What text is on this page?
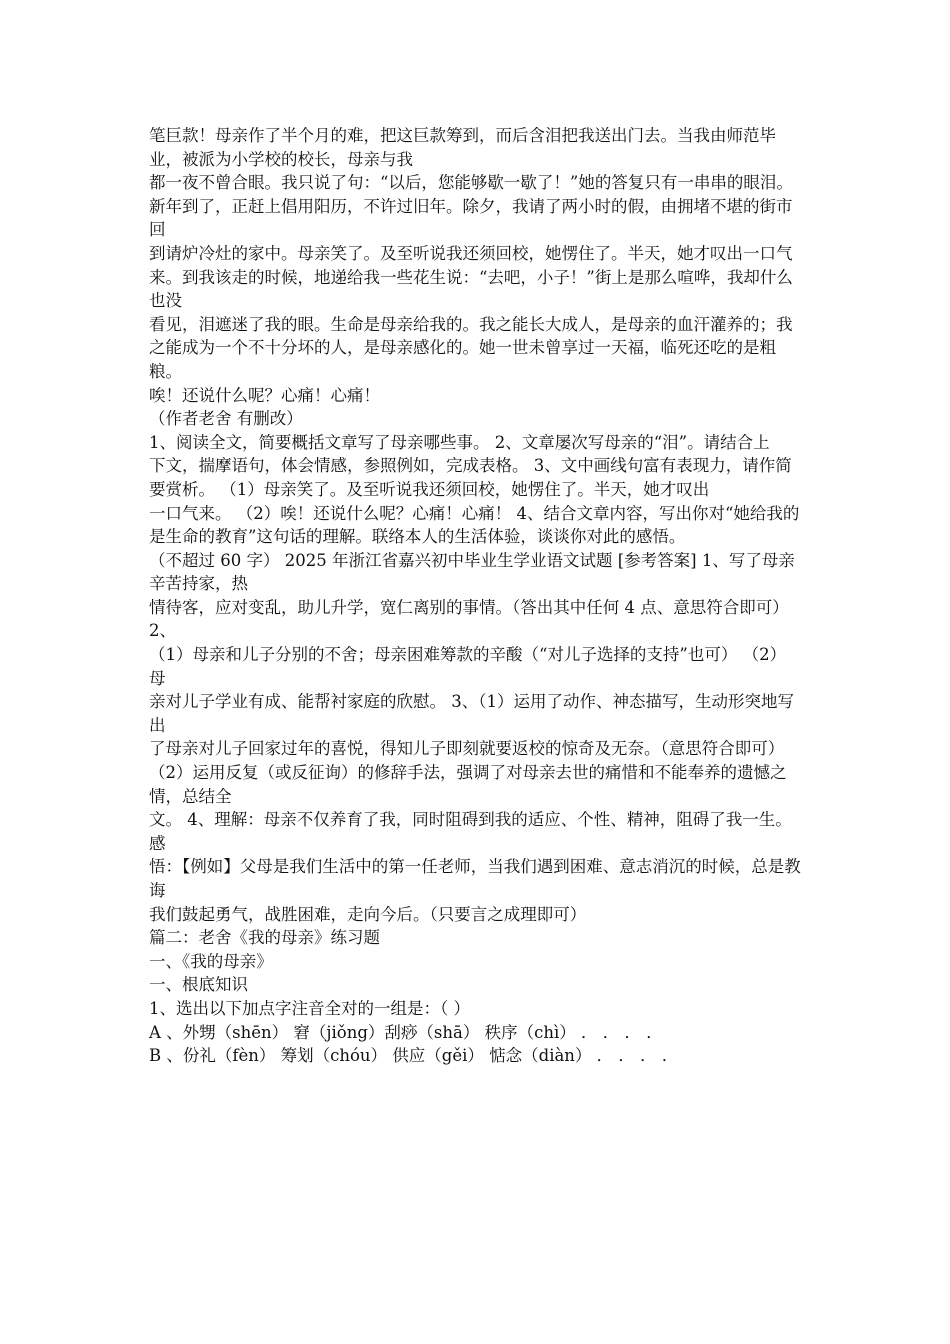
笔巨款！母亲作了半个月的难，把这巨款筹到，而后含泪把我送出门去。当我由师范毕业，被派为小学校的校长，母亲与我

都一夜不曾合眼。我只说了句：“以后，您能够歇一歇了！”她的答复只有一串串的眼泪。

新年到了，正赶上倡用阳历，不许过旧年。除夕，我请了两小时的假，由拥堵不堪的街市回

到请炉冷灶的家中。母亲笑了。及至听说我还须回校，她愣住了。半天，她才叹出一口气来。到我该走的时候，地递给我一些花生说：“去吧，小子！”街上是那么喧哗，我却什么也没

看见，泪遮迷了我的眼。生命是母亲给我的。我之能长大成人，是母亲的血汗灌养的；我之能成为一个不十分坏的人，是母亲感化的。她一世未曾享过一天福，临死还吃的是粗粮。

唉！还说什么呢？心痛！心痛！

（作者老舍 有删改）

1、阅读全文，简要概括文章写了母亲哪些事。 2、文章屡次写母亲的“泪”。请结合上

下文，揣摩语句，体会情感，参照例如，完成表格。 3、文中画线句富有表现力，请作简要赏析。 （1）母亲笑了。及至听说我还须回校，她愣住了。半天，她才叹出

一口气来。 （2）唉！还说什么呢？心痛！心痛！ 4、结合文章内容，写出你对“她给我的

是生命的教育”这句话的理解。联络本人的生活体验，谈谈你对此的感悟。

（不超过 60 字） 2025 年浙江省嘉兴初中毕业生学业语文试题 [参考答案] 1、写了母亲辛苦持家，热

情待客，应对变乱，助儿升学，宽仁离别的事情。（答出其中任何 4 点、意思符合即可） 2、

（1）母亲和儿子分别的不舍；母亲困难筹款的辛酸（“对儿子选择的支持”也可） （2）母

亲对儿子学业有成、能帮衬家庭的欣慰。 3、（1）运用了动作、神态描写，生动形突地写出

了母亲对儿子回家过年的喜悦，得知儿子即刻就要返校的惊奇及无奈。（意思符合即可） （2）运用反复（或反征询）的修辞手法，强调了对母亲去世的痛惜和不能奉养的遗憾之情，总结全

文。 4、理解：母亲不仅养育了我，同时阻碍到我的适应、个性、精神，阻碍了我一生。 感

悟：【例如】父母是我们生活中的第一任老师，当我们遇到困难、意志消沉的时候，总是教诲

我们鼓起勇气，战胜困难，走向今后。（只要言之成理即可）

篇二：老舍《我的母亲》练习题

一、《我的母亲》

一、根底知识

1、选出以下加点字注音全对的一组是：（ ）

A 、外甥（shēn） 窘（jiǒng）刮痧（shā） 秩序（chì） ． ． ． ．

B 、份礼（fèn） 筹划（chóu） 供应（gěi） 惦念（diàn） ． ． ． ．
